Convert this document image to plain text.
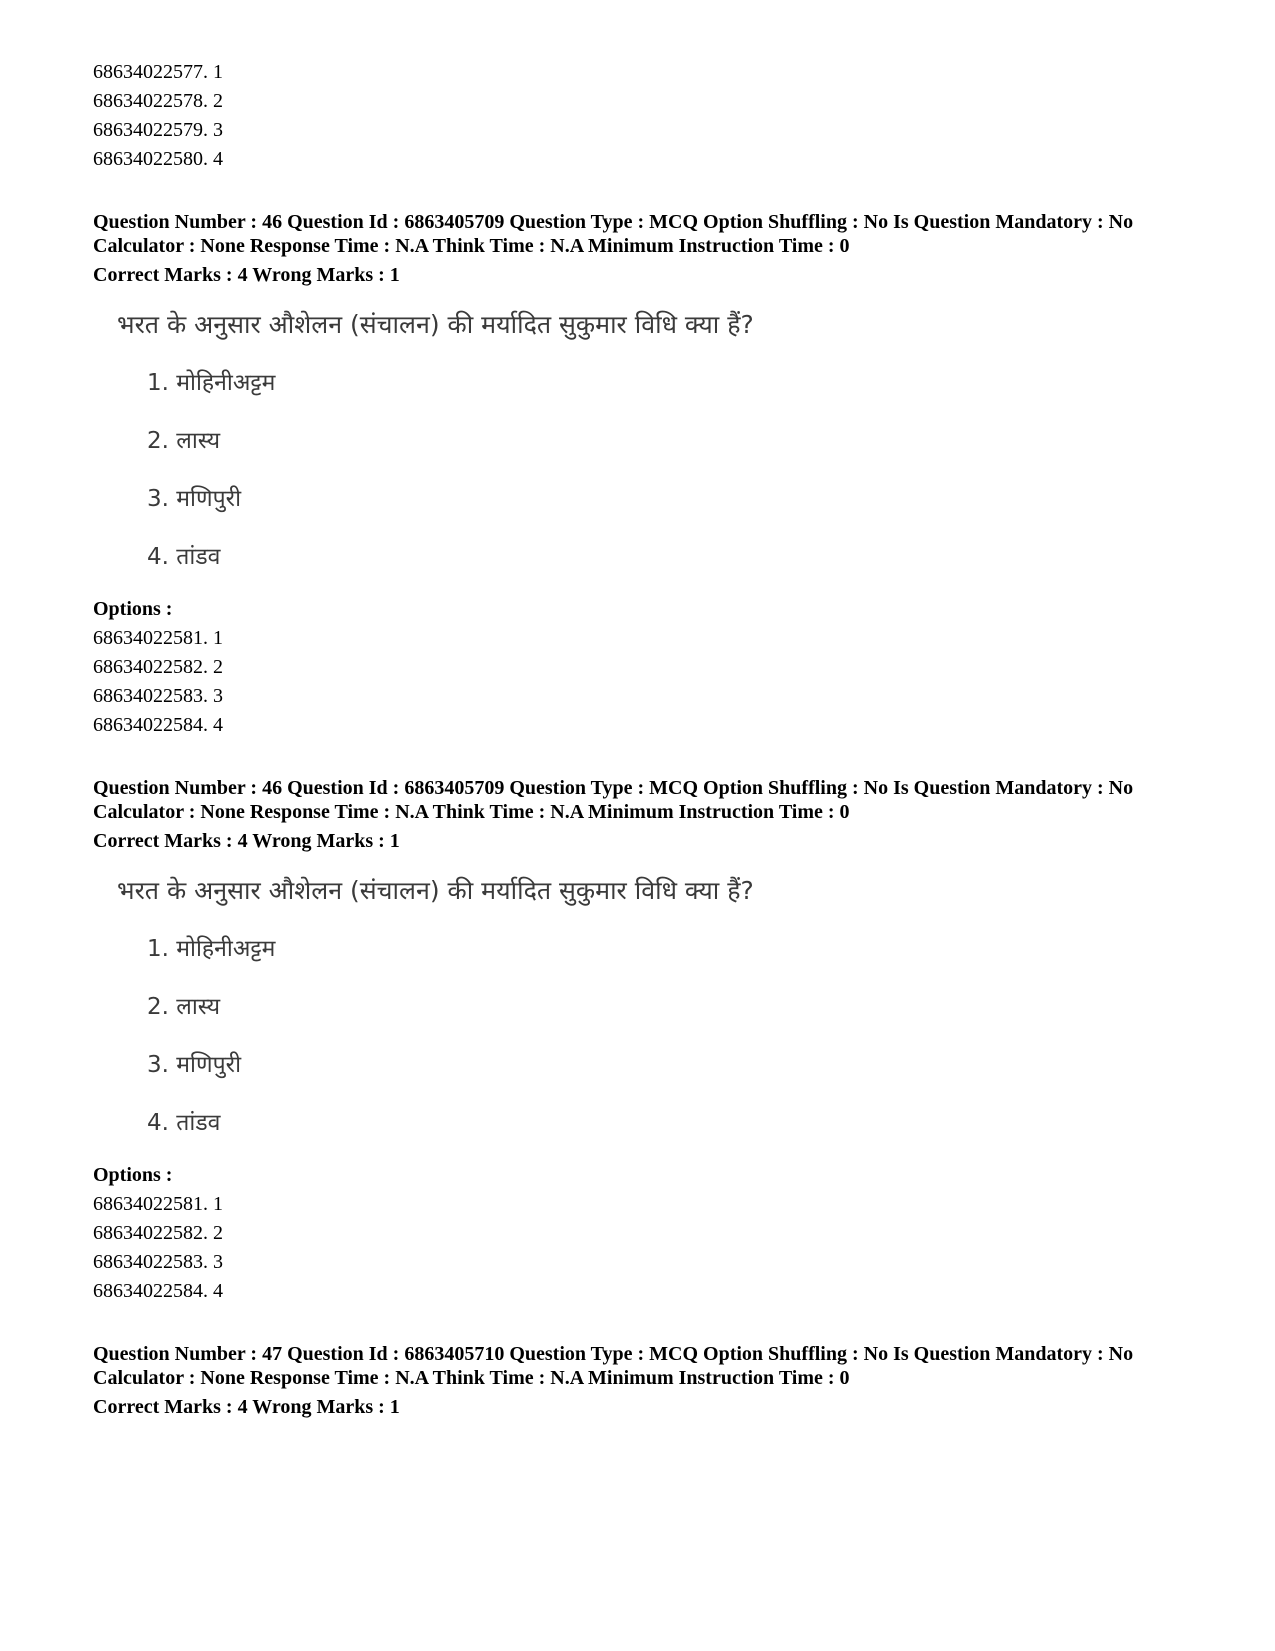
68634022577. 1
68634022578. 2
68634022579. 3
68634022580. 4
Question Number : 46 Question Id : 6863405709 Question Type : MCQ Option Shuffling : No Is Question Mandatory : No Calculator : None Response Time : N.A Think Time : N.A Minimum Instruction Time : 0
Correct Marks : 4 Wrong Marks : 1
भरत के अनुसार औशेलन (संचालन) की मर्यादित सुकुमार विधि क्या हैं?
1. मोहिनीअट्टम
2. लास्य
3. मणिपुरी
4. तांडव
Options :
68634022581. 1
68634022582. 2
68634022583. 3
68634022584. 4
Question Number : 46 Question Id : 6863405709 Question Type : MCQ Option Shuffling : No Is Question Mandatory : No Calculator : None Response Time : N.A Think Time : N.A Minimum Instruction Time : 0
Correct Marks : 4 Wrong Marks : 1
भरत के अनुसार औशेलन (संचालन) की मर्यादित सुकुमार विधि क्या हैं?
1. मोहिनीअट्टम
2. लास्य
3. मणिपुरी
4. तांडव
Options :
68634022581. 1
68634022582. 2
68634022583. 3
68634022584. 4
Question Number : 47 Question Id : 6863405710 Question Type : MCQ Option Shuffling : No Is Question Mandatory : No Calculator : None Response Time : N.A Think Time : N.A Minimum Instruction Time : 0
Correct Marks : 4 Wrong Marks : 1
